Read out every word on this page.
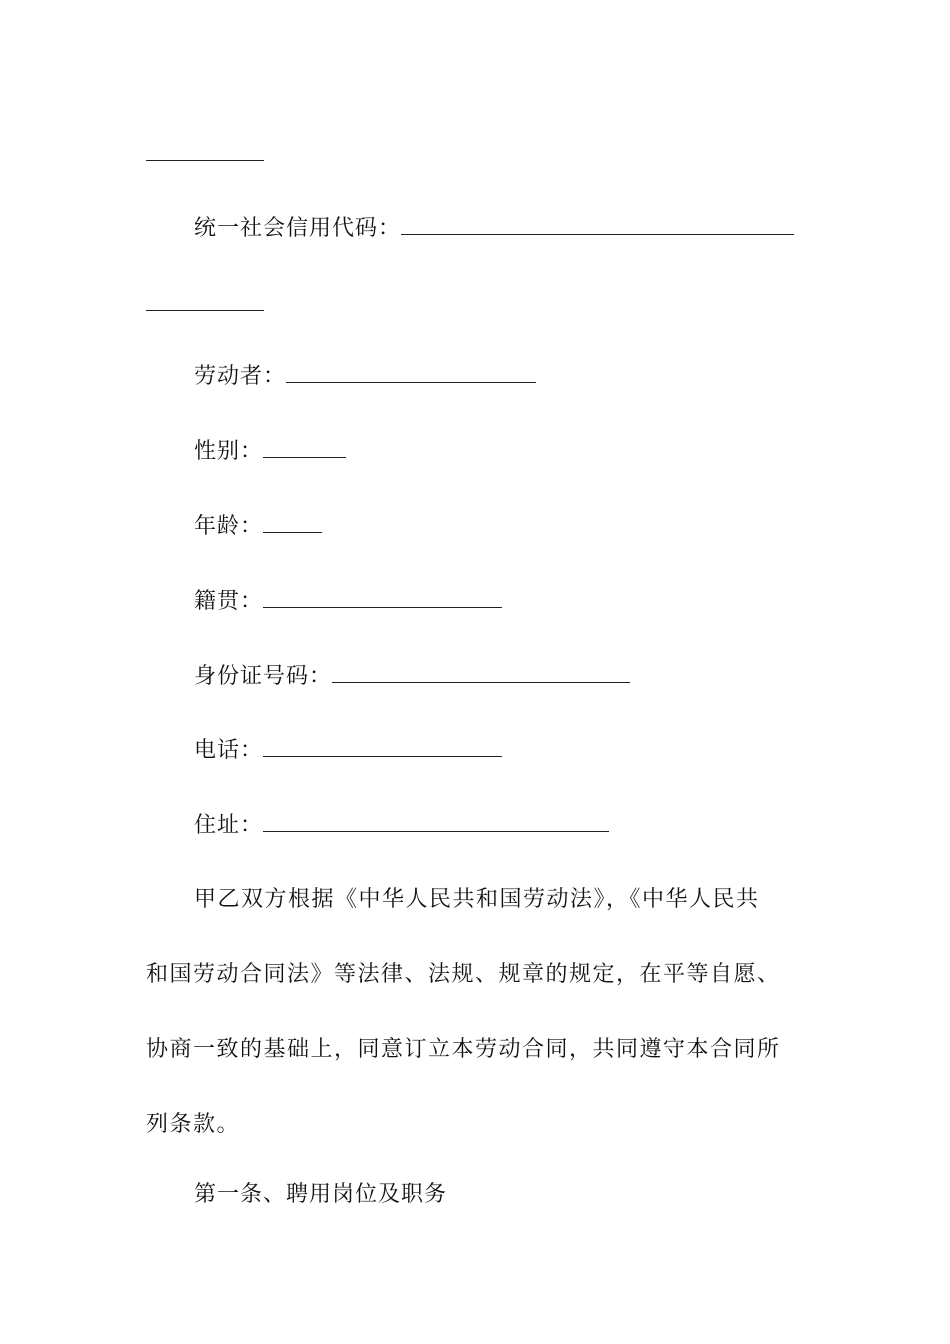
统一社会信用代码：
劳动者：
性别：
年龄：
籍贯：
身份证号码：
电话：
住址：
甲乙双方根据《中华人民共和国劳动法》，《中华人民共
和国劳动合同法》等法律、法规、规章的规定，在平等自愿、
协商一致的基础上，同意订立本劳动合同，共同遵守本合同所
列条款。
第一条、聘用岗位及职务
